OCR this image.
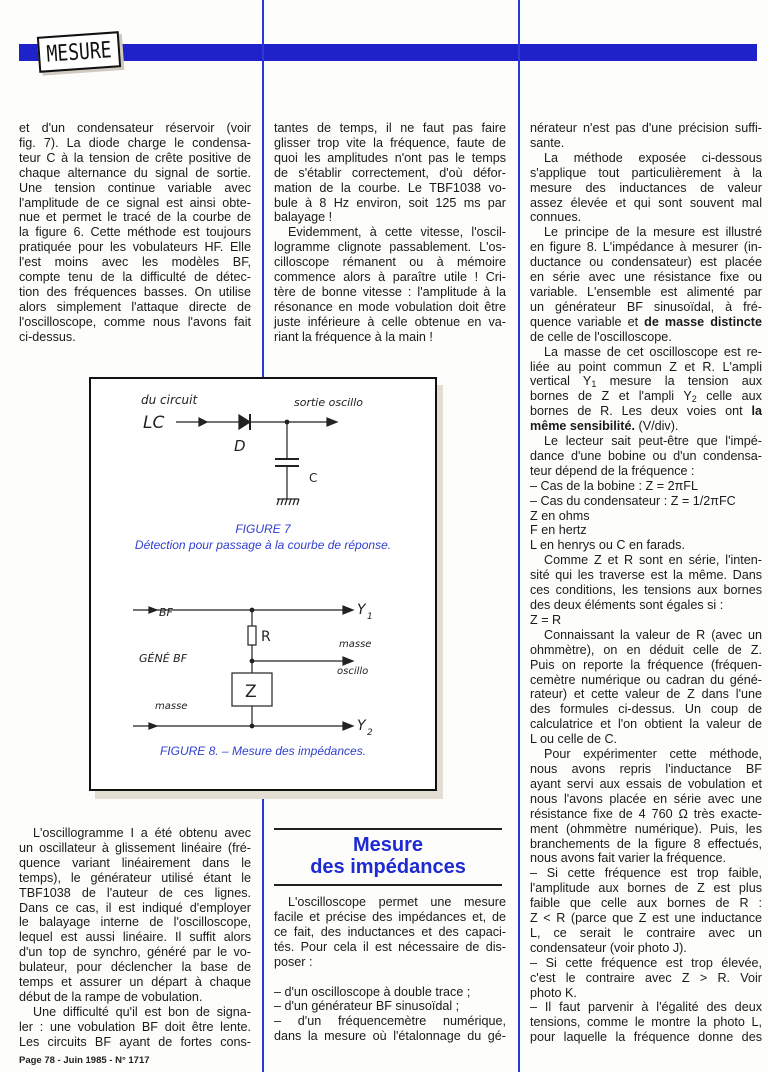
MESURE

et d'un condensateur réservoir (voir
fig. 7). La diode charge le condensa-
teur C à la tension de crête positive de
chaque alternance du signal de sortie.
Une tension continue variable avec
l'amplitude de ce signal est ainsi obte-
nue et permet le tracé de la courbe de
la figure 6. Cette méthode est toujours
pratiquée pour les vobulateurs HF. Elle
l'est moins avec les modèles BF,
compte tenu de la difficulté de détec-
tion des fréquences basses. On utilise
alors simplement l'attaque directe de
l'oscilloscope, comme nous l'avons fait
ci-dessus.

tantes de temps, il ne faut pas faire
glisser trop vite la fréquence, faute de
quoi les amplitudes n'ont pas le temps
de s'établir correctement, d'où défor-
mation de la courbe. Le TBF1038 vo-
bule à 8 Hz environ, soit 125 ms par
balayage !

Evidemment, à cette vitesse, l'oscil-
logramme clignote passablement. L'os-
cilloscope rémanent ou à mémoire
commence alors à paraître utile ! Cri-
tère de bonne vitesse : l'amplitude à la
résonance en mode vobulation doit être
juste inférieure à celle obtenue en va-
riant la fréquence à la main !

du circuit
LC
sortie oscillo
D
C
BF
GÉNÉ BF
masse
R
Z
Y 1
Y 2
masse
oscillo
FIGURE 7
Détection pour passage à la courbe de réponse.
FIGURE 8. – Mesure des impédances.

L'oscillogramme I a été obtenu avec
un oscillateur à glissement linéaire (fré-
quence variant linéairement dans le
temps), le générateur utilisé étant le
TBF1038 de l'auteur de ces lignes.
Dans ce cas, il est indiqué d'employer
le balayage interne de l'oscilloscope,
lequel est aussi linéaire. Il suffit alors
d'un top de synchro, généré par le vo-
bulateur, pour déclencher la base de
temps et assurer un départ à chaque
début de la rampe de vobulation.

Une difficulté qu'il est bon de signa-
ler : une vobulation BF doit être lente.
Les circuits BF ayant de fortes cons-

Mesure
des impédances

L'oscilloscope permet une mesure
facile et précise des impédances et, de
ce fait, des inductances et des capaci-
tés. Pour cela il est nécessaire de dis-
poser :

– d'un oscilloscope à double trace ;
– d'un générateur BF sinusoïdal ;
– d'un fréquencemètre numérique,
dans la mesure où l'étalonnage du gé-

nérateur n'est pas d'une précision suffi-
sante.

La méthode exposée ci-dessous
s'applique tout particulièrement à la
mesure des inductances de valeur
assez élevée et qui sont souvent mal
connues.

Le principe de la mesure est illustré
en figure 8. L'impédance à mesurer (in-
ductance ou condensateur) est placée
en série avec une résistance fixe ou
variable. L'ensemble est alimenté par
un générateur BF sinusoïdal, à fré-
quence variable et de masse distincte
de celle de l'oscilloscope.

La masse de cet oscilloscope est re-
liée au point commun Z et R. L'ampli
vertical $Y_1$ mesure la tension aux
bornes de Z et l'ampli $Y_2$ celle aux
bornes de R. Les deux voies ont la
même sensibilité. (V/div).

Le lecteur sait peut-être que l'impé-
dance d'une bobine ou d'un condensa-
teur dépend de la fréquence :

– Cas de la bobine : Z = 2πFL
– Cas du condensateur : Z = 1/2πFC
Z en ohms
F en hertz
L en henrys ou C en farads.

Comme Z et R sont en série, l'inten-
sité qui les traverse est la même. Dans
ces conditions, les tensions aux bornes
des deux éléments sont égales si :
Z = R

Connaissant la valeur de R (avec un
ohmmètre), on en déduit celle de Z.
Puis on reporte la fréquence (fréquen-
cemètre numérique ou cadran du géné-
rateur) et cette valeur de Z dans l'une
des formules ci-dessus. Un coup de
calculatrice et l'on obtient la valeur de
L ou celle de C.

Pour expérimenter cette méthode,
nous avons repris l'inductance BF
ayant servi aux essais de vobulation et
nous l'avons placée en série avec une
résistance fixe de 4 760 Ω très exacte-
ment (ohmmètre numérique). Puis, les
branchements de la figure 8 effectués,
nous avons fait varier la fréquence.

– Si cette fréquence est trop faible,
l'amplitude aux bornes de Z est plus
faible que celle aux bornes de R :
Z < R (parce que Z est une inductance
L, ce serait le contraire avec un
condensateur (voir photo J).

– Si cette fréquence est trop élevée,
c'est le contraire avec Z > R. Voir
photo K.

– Il faut parvenir à l'égalité des deux
tensions, comme le montre la photo L,
pour laquelle la fréquence donne des

Page 78 - Juin 1985 - N° 1717
